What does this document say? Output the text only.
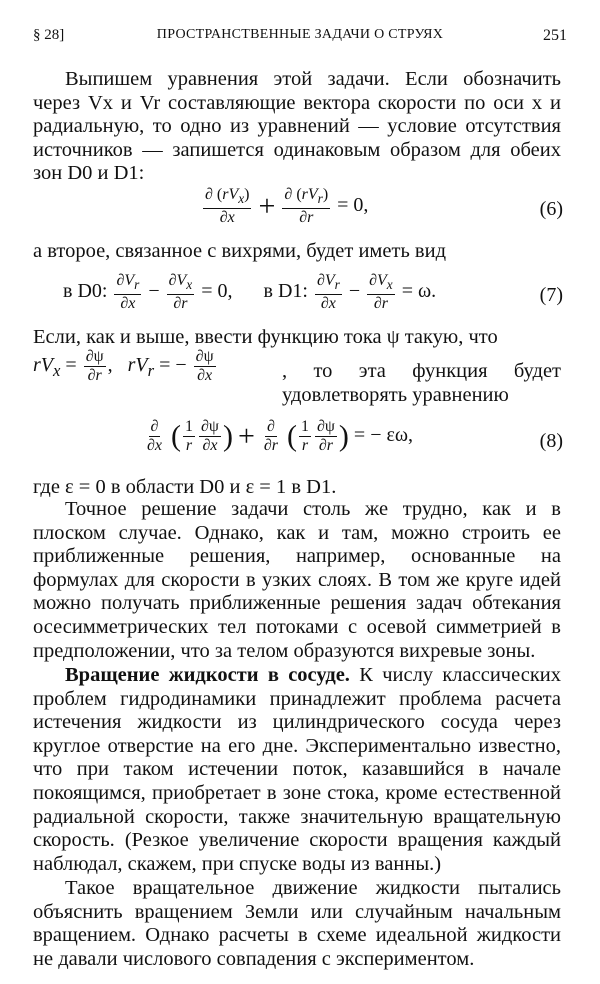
§ 28]	ПРОСТРАНСТВЕННЫЕ ЗАДАЧИ О СТРУЯХ	251
Выпишем уравнения этой задачи. Если обозначить через Vx и Vr составляющие вектора скорости по оси x и радиальную, то одно из уравнений — условие отсутствия источников — запишется одинаковым образом для обеих зон D0 и D1:
$\frac{\partial (rV_x)}{\partial x} + \frac{\partial (rV_r)}{\partial r} = 0$,	(6)
а второе, связанное с вихрями, будет иметь вид
в D0: $\frac{\partial V_r}{\partial x} - \frac{\partial V_x}{\partial r} = 0$, в D1: $\frac{\partial V_r}{\partial x} - \frac{\partial V_x}{\partial r} = \omega$.	(7)
Если, как и выше, ввести функцию тока ψ такую, что
$rV_x = \frac{\partial\psi}{\partial r}$ ,   $rV_r$ = − $\frac{\partial\psi}{\partial x}$	, то эта функция будет удовлетворять уравнению
$\frac{\partial}{\partial x}$ ( $\frac{1}{r} \frac{\partial\psi}{\partial x}$ ) + $\frac{\partial}{\partial r}$ ( $\frac{1}{r} \frac{\partial\psi}{\partial r}$ ) = − εω,	(8)
где ε = 0 в области D0 и ε = 1 в D1.
Точное решение задачи столь же трудно, как и в плоском случае. Однако, как и там, можно строить ее приближенные решения, например, основанные на формулах для скорости в узких слоях. В том же круге идей можно получать приближенные решения задач обтекания осесимметрических тел потоками с осевой симметрией в предположении, что за телом образуются вихревые зоны.
Вращение жидкости в сосуде. К числу классических проблем гидродинамики принадлежит проблема расчета истечения жидкости из цилиндрического сосуда через круглое отверстие на его дне. Экспериментально известно, что при таком истечении поток, казавшийся в начале покоящимся, приобретает в зоне стока, кроме естественной радиальной скорости, также значительную вращательную скорость. (Резкое увеличение скорости вращения каждый наблюдал, скажем, при спуске воды из ванны.)
Такое вращательное движение жидкости пытались объяснить вращением Земли или случайным начальным вращением. Однако расчеты в схеме идеальной жидкости не давали числового совпадения с экспериментом.
